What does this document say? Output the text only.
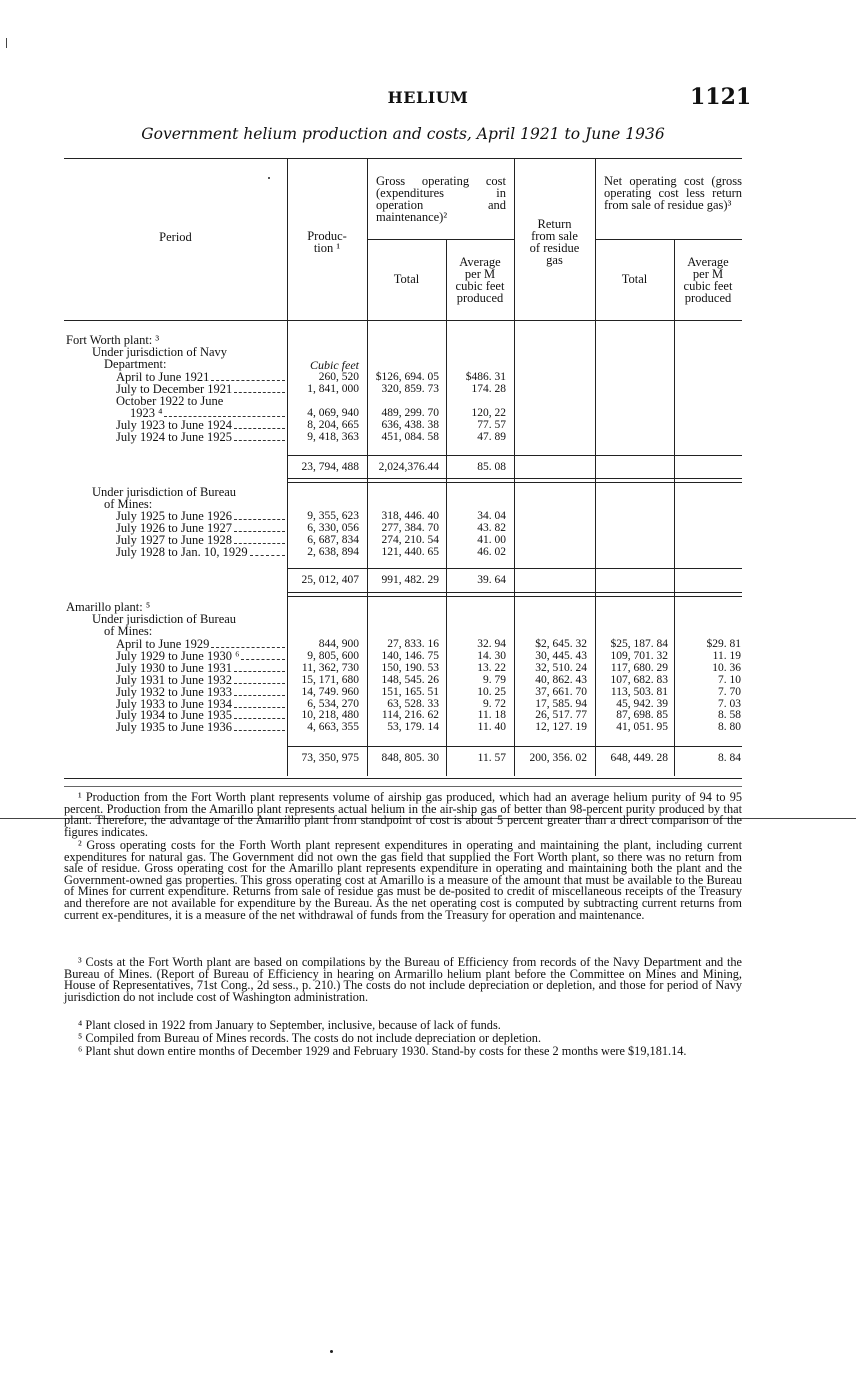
HELIUM	1121
Government helium production and costs, April 1921 to June 1936
Period	Produc-
tion ¹
Gross operating cost (expenditures in operation and maintenance)²
Total
Average
per M
cubic feet
produced
Return
from sale
of residue
gas
Net operating cost (gross operating cost less return from sale of residue gas)³
Total
Average
per M
cubic feet
produced
Fort Worth plant: ³
Under jurisdiction of Navy
Department:	Cubic feet
April to June 1921	260, 520	$126, 694. 05	$486. 31
July to December 1921	1, 841, 000	320, 859. 73	174. 28
October 1922 to June
1923 ⁴	4, 069, 940	489, 299. 70	120, 22
July 1923 to June 1924	8, 204, 665	636, 438. 38	77. 57
July 1924 to June 1925	9, 418, 363	451, 084. 58	47. 89
23, 794, 488	2,024,376.44	85. 08
Under jurisdiction of Bureau
of Mines:
July 1925 to June 1926	9, 355, 623	318, 446. 40	34. 04
July 1926 to June 1927	6, 330, 056	277, 384. 70	43. 82
July 1927 to June 1928	6, 687, 834	274, 210. 54	41. 00
July 1928 to Jan. 10, 1929	2, 638, 894	121, 440. 65	46. 02
25, 012, 407	991, 482. 29	39. 64
Amarillo plant: ⁵
Under jurisdiction of Bureau
of Mines:
April to June 1929	844, 900	27, 833. 16	32. 94	$2, 645. 32	$25, 187. 84	$29. 81
July 1929 to June 1930 ⁶	9, 805, 600	140, 146. 75	14. 30	30, 445. 43	109, 701. 32	11. 19
July 1930 to June 1931	11, 362, 730	150, 190. 53	13. 22	32, 510. 24	117, 680. 29	10. 36
July 1931 to June 1932	15, 171, 680	148, 545. 26	9. 79	40, 862. 43	107, 682. 83	7. 10
July 1932 to June 1933	14, 749. 960	151, 165. 51	10. 25	37, 661. 70	113, 503. 81	7. 70
July 1933 to June 1934	6, 534, 270	63, 528. 33	9. 72	17, 585. 94	45, 942. 39	7. 03
July 1934 to June 1935	10, 218, 480	114, 216. 62	11. 18	26, 517. 77	87, 698. 85	8. 58
July 1935 to June 1936	4, 663, 355	53, 179. 14	11. 40	12, 127. 19	41, 051. 95	8. 80
73, 350, 975	848, 805. 30	11. 57	200, 356. 02	648, 449. 28	8. 84
¹ Production from the Fort Worth plant represents volume of airship gas produced, which had an average helium purity of 94 to 95 percent. Production from the Amarillo plant represents actual helium in the air-ship gas of better than 98-percent purity produced by that plant. Therefore, the advantage of the Amarillo plant from standpoint of cost is about 5 percent greater than a direct comparison of the figures indicates.
² Gross operating costs for the Forth Worth plant represent expenditures in operating and maintaining the plant, including current expenditures for natural gas. The Government did not own the gas field that supplied the Fort Worth plant, so there was no return from sale of residue. Gross operating cost for the Amarillo plant represents expenditure in operating and maintaining both the plant and the Government-owned gas properties. This gross operating cost at Amarillo is a measure of the amount that must be available to the Bureau of Mines for current expenditure. Returns from sale of residue gas must be de-posited to credit of miscellaneous receipts of the Treasury and therefore are not available for expenditure by the Bureau. As the net operating cost is computed by subtracting current returns from current ex-penditures, it is a measure of the net withdrawal of funds from the Treasury for operation and maintenance.
³ Costs at the Fort Worth plant are based on compilations by the Bureau of Efficiency from records of the Navy Department and the Bureau of Mines. (Report of Bureau of Efficiency in hearing on Armarillo helium plant before the Committee on Mines and Mining, House of Representatives, 71st Cong., 2d sess., p. 210.) The costs do not include depreciation or depletion, and those for period of Navy jurisdiction do not include cost of Washington administration.
⁴ Plant closed in 1922 from January to September, inclusive, because of lack of funds.
⁵ Compiled from Bureau of Mines records. The costs do not include depreciation or depletion.
⁶ Plant shut down entire months of December 1929 and February 1930. Stand-by costs for these 2 months were $19,181.14.
